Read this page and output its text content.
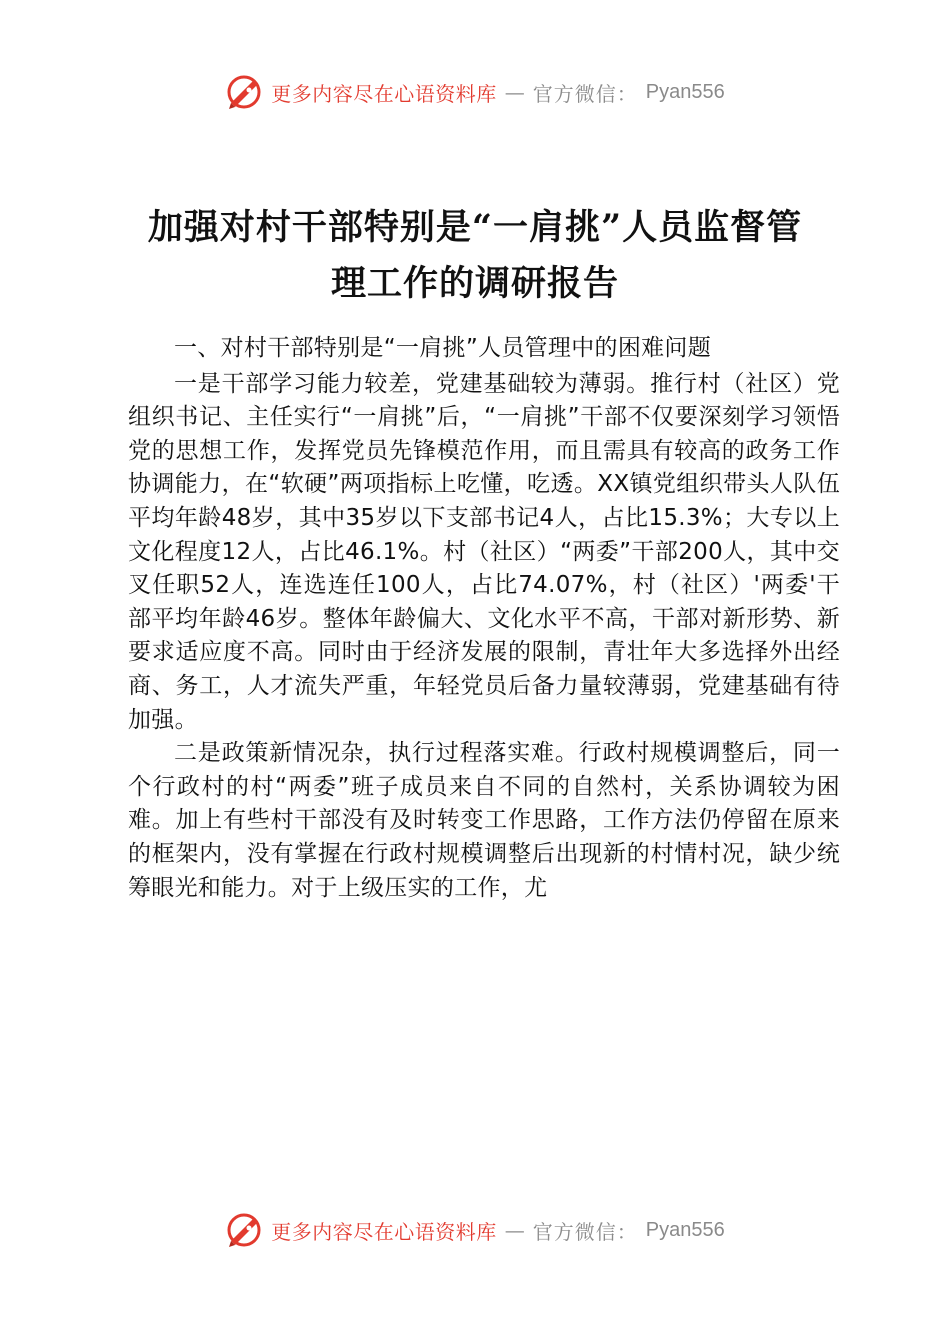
更多内容尽在心语资料库 — 官方微信： Pyan556
加强对村干部特别是“一肩挑”人员监督管
理工作的调研报告

一、对村干部特别是“一肩挑”人员管理中的困难问题

一是干部学习能力较差，党建基础较为薄弱。推行村（社区）党组织书记、主任实行“一肩挑”后，“一肩挑”干部不仅要深刻学习领悟党的思想工作，发挥党员先锋模范作用，而且需具有较高的政务工作协调能力，在“软硬”两项指标上吃懂，吃透。XX镇党组织带头人队伍平均年龄48岁，其中35岁以下支部书记4人，占比15.3%；大专以上文化程度12人，占比46.1%。村（社区）“两委”干部200人，其中交叉任职52人，连选连任100人，占比74.07%，村（社区）'两委'干部平均年龄46岁。整体年龄偏大、文化水平不高，干部对新形势、新要求适应度不高。同时由于经济发展的限制，青壮年大多选择外出经商、务工，人才流失严重，年轻党员后备力量较薄弱，党建基础有待加强。

二是政策新情况杂，执行过程落实难。行政村规模调整后，同一个行政村的村“两委”班子成员来自不同的自然村，关系协调较为困难。加上有些村干部没有及时转变工作思路，工作方法仍停留在原来的框架内，没有掌握在行政村规模调整后出现新的村情村况，缺少统筹眼光和能力。对于上级压实的工作，尤

更多内容尽在心语资料库 — 官方微信： Pyan556
